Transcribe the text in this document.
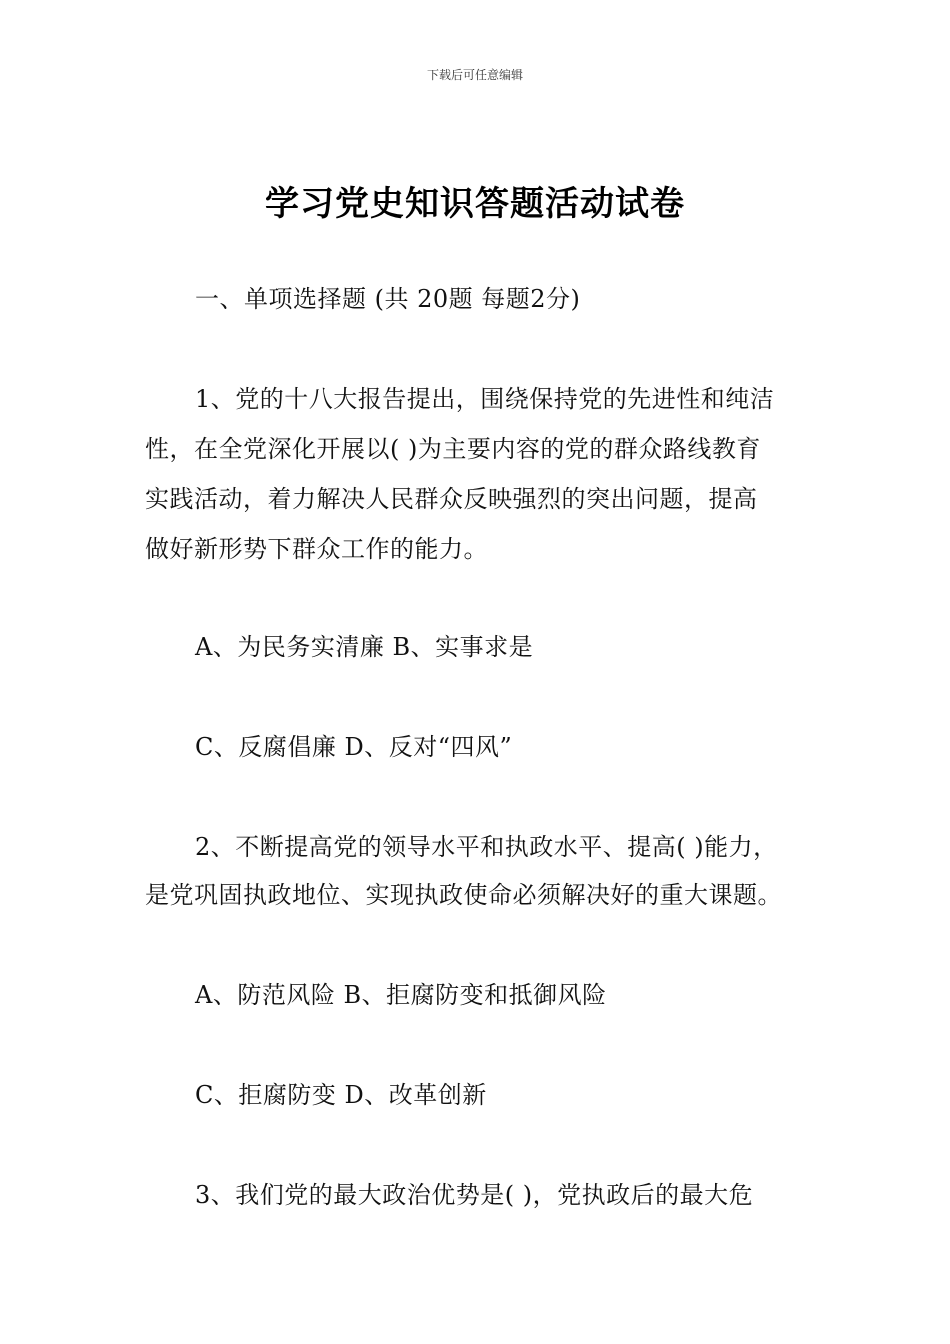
下载后可任意编辑
学习党史知识答题活动试卷
一、单项选择题 (共 20题 每题2分)
1、党的十八大报告提出，围绕保持党的先进性和纯洁
性，在全党深化开展以( )为主要内容的党的群众路线教育
实践活动，着力解决人民群众反映强烈的突出问题，提高
做好新形势下群众工作的能力。
A、为民务实清廉 B、实事求是
C、反腐倡廉 D、反对“四风”
2、不断提高党的领导水平和执政水平、提高( )能力，
是党巩固执政地位、实现执政使命必须解决好的重大课题。
A、防范风险 B、拒腐防变和抵御风险
C、拒腐防变 D、改革创新
3、我们党的最大政治优势是( )，党执政后的最大危
